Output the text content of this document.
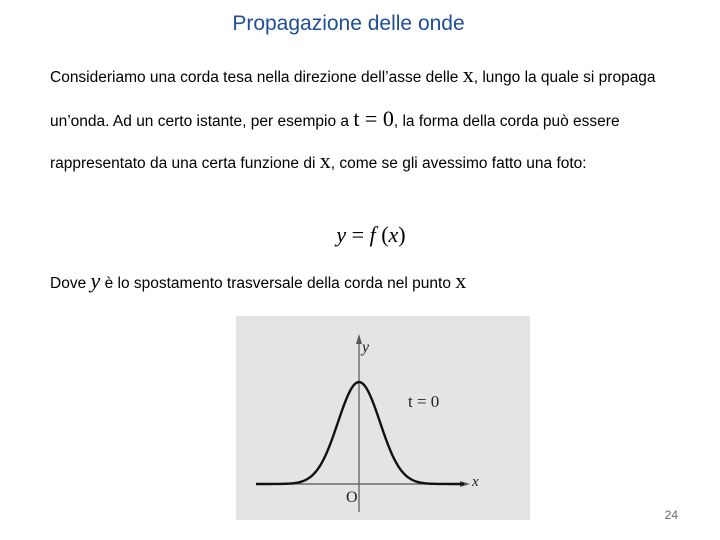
Propagazione delle onde
Consideriamo una corda tesa nella direzione dell’asse delle x, lungo la quale si propaga
un’onda. Ad un certo istante, per esempio a t = 0, la forma della corda può essere
rappresentato da una certa funzione di x, come se gli avessimo fatto una foto:
y = f (x)
Dove y è lo spostamento trasversale della corda nel punto x
y
x
O
t = 0
24
